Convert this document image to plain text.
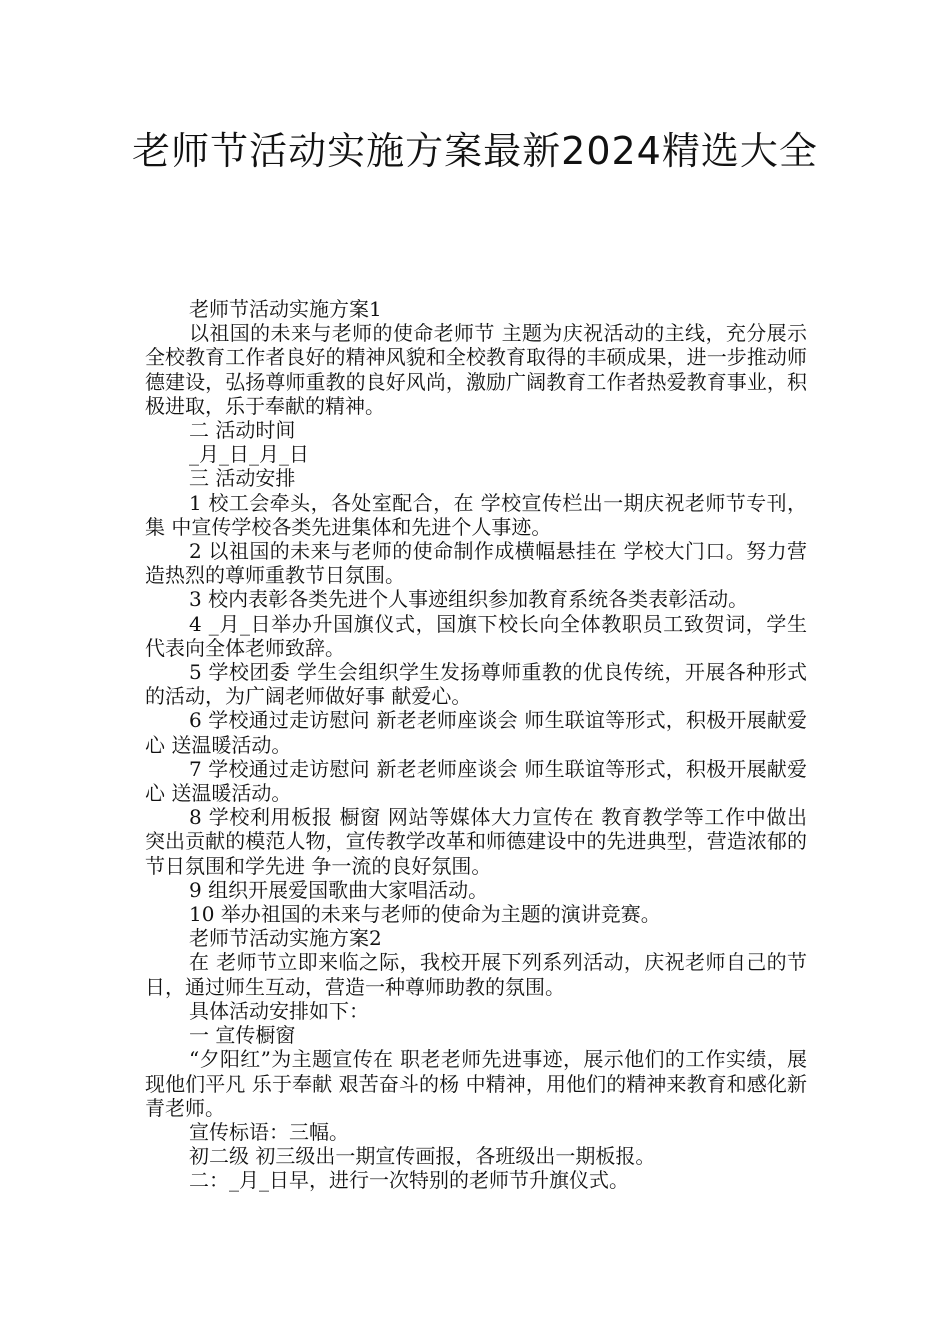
老师节活动实施方案最新2024精选大全

老师节活动实施方案1

以祖国的未来与老师的使命老师节 主题为庆祝活动的主线，充分展示全校教育工作者良好的精神风貌和全校教育取得的丰硕成果，进一步推动师德建设，弘扬尊师重教的良好风尚，激励广阔教育工作者热爱教育事业，积极进取，乐于奉献的精神。

二 活动时间

_月_日_月_日

三 活动安排

1 校工会牵头，各处室配合，在 学校宣传栏出一期庆祝老师节专刊，集 中宣传学校各类先进集体和先进个人事迹。

2 以祖国的未来与老师的使命制作成横幅悬挂在 学校大门口。努力营造热烈的尊师重教节日氛围。

3 校内表彰各类先进个人事迹组织参加教育系统各类表彰活动。

4 _月_日举办升国旗仪式，国旗下校长向全体教职员工致贺词，学生代表向全体老师致辞。

5 学校团委 学生会组织学生发扬尊师重教的优良传统，开展各种形式的活动，为广阔老师做好事 献爱心。

6 学校通过走访慰问 新老老师座谈会 师生联谊等形式，积极开展献爱心 送温暖活动。

7 学校通过走访慰问 新老老师座谈会 师生联谊等形式，积极开展献爱心 送温暖活动。

8 学校利用板报 橱窗 网站等媒体大力宣传在 教育教学等工作中做出突出贡献的模范人物，宣传教学改革和师德建设中的先进典型，营造浓郁的节日氛围和学先进 争一流的良好氛围。

9 组织开展爱国歌曲大家唱活动。

10 举办祖国的未来与老师的使命为主题的演讲竞赛。

老师节活动实施方案2

在 老师节立即来临之际，我校开展下列系列活动，庆祝老师自己的节日，通过师生互动，营造一种尊师助教的氛围。

具体活动安排如下：

一 宣传橱窗

“夕阳红”为主题宣传在 职老老师先进事迹，展示他们的工作实绩，展现他们平凡 乐于奉献 艰苦奋斗的杨 中精神，用他们的精神来教育和感化新青老师。

宣传标语：三幅。

初二级 初三级出一期宣传画报，各班级出一期板报。

二：_月_日早，进行一次特别的老师节升旗仪式。
